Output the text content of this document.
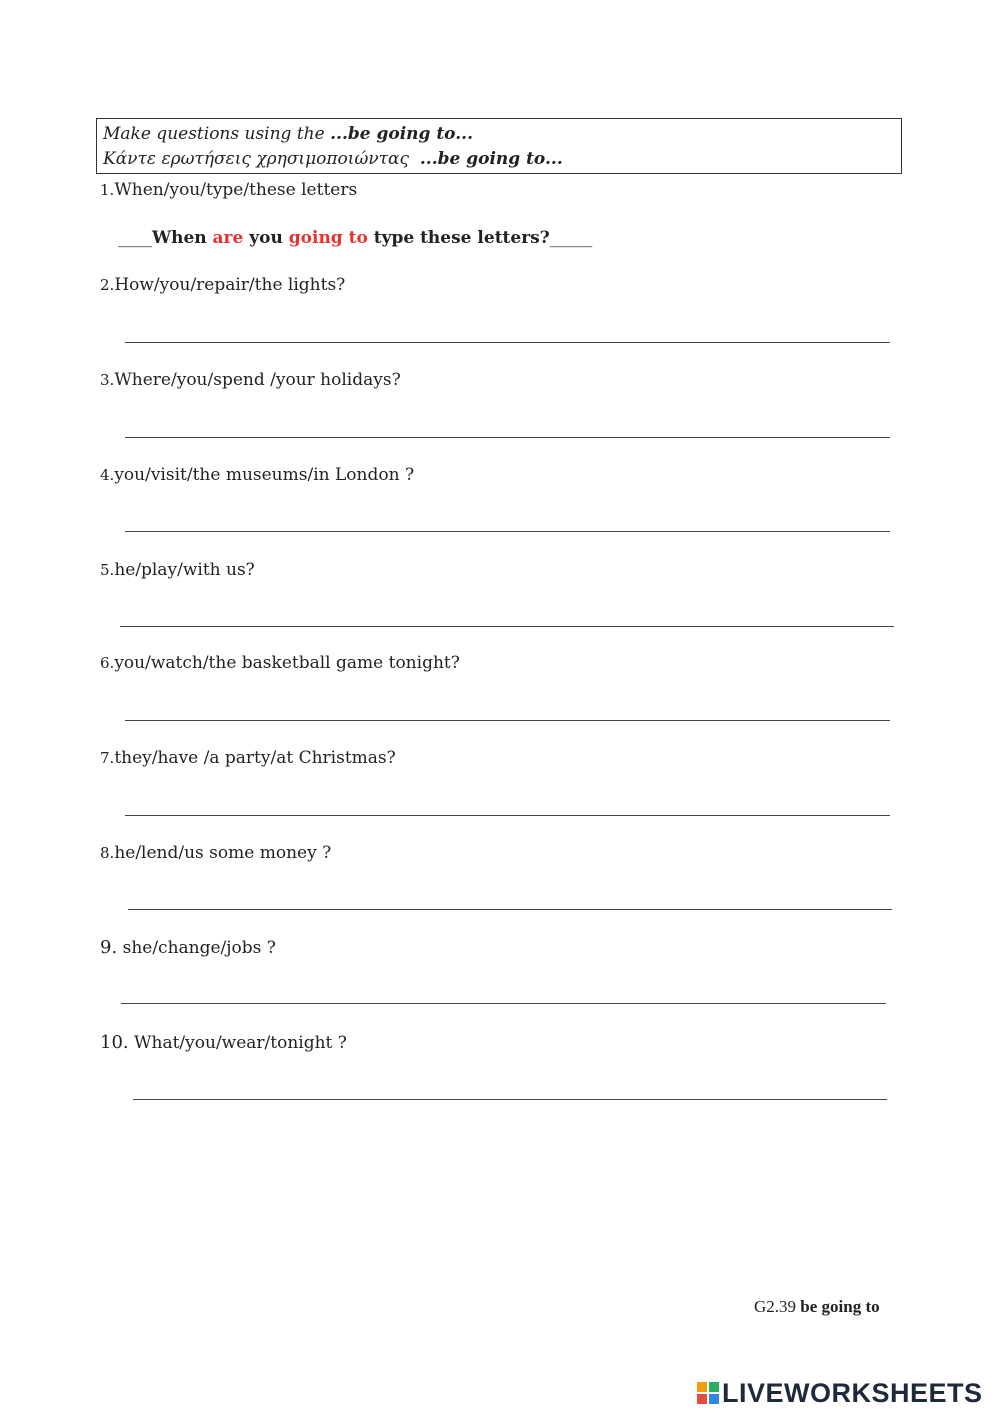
Make questions using the ...be going to...
Κάντε ερωτήσεις χρησιμοποιώντας ...be going to...
1.When/you/type/these letters
____When are you going to type these letters?_____
2.How/you/repair/the lights?
3.Where/you/spend /your holidays?
4.you/visit/the museums/in London ?
5.he/play/with us?
6.you/watch/the basketball game tonight?
7.they/have /a party/at Christmas?
8.he/lend/us some money ?
9. she/change/jobs ?
10. What/you/wear/tonight ?
G2.39 be going to
LIVEWORKSHEETS
